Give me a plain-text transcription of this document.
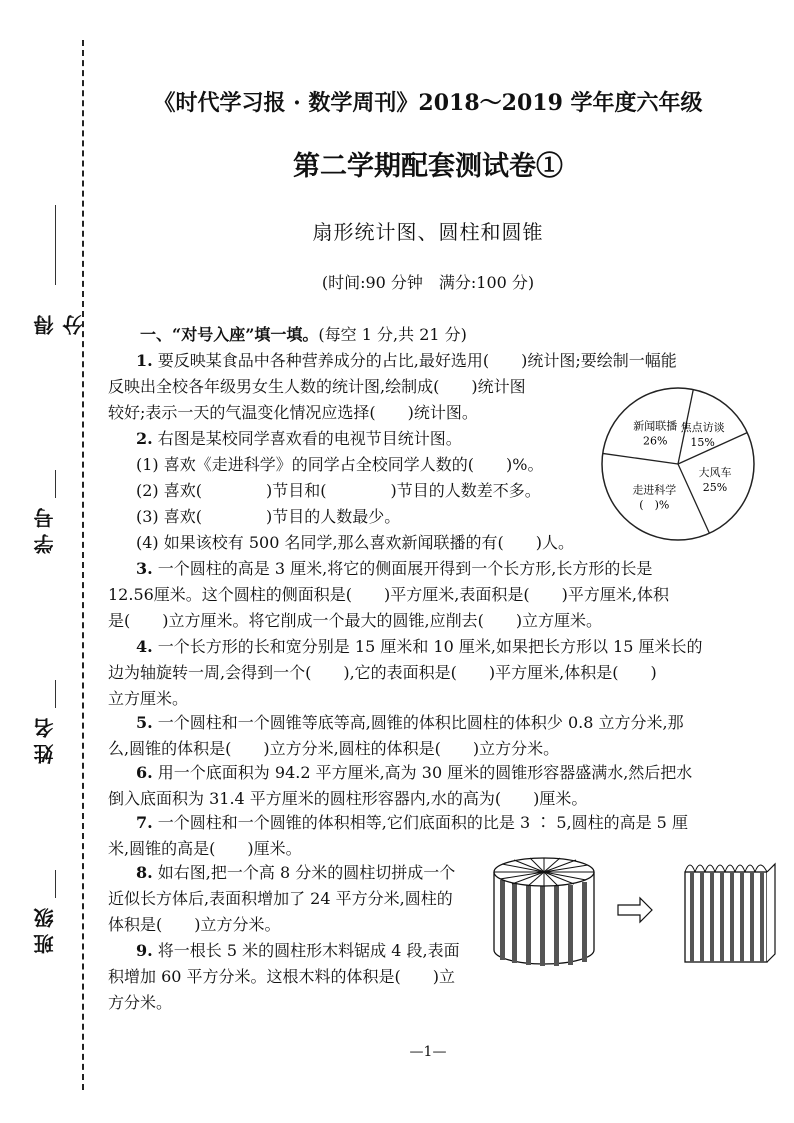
得分
学号
姓名
班级
《时代学习报 · 数学周刊》2018～2019 学年度六年级
第二学期配套测试卷①
扇形统计图、圆柱和圆锥
(时间:90 分钟　满分:100 分)
一、“对号入座”填一填。(每空 1 分,共 21 分)
1. 要反映某食品中各种营养成分的占比,最好选用(　　)统计图;要绘制一幅能
反映出全校各年级男女生人数的统计图,绘制成(　　)统计图
较好;表示一天的气温变化情况应选择(　　)统计图。
2. 右图是某校同学喜欢看的电视节目统计图。
(1) 喜欢《走进科学》的同学占全校同学人数的(　　)%。
(2) 喜欢(　　　　)节目和(　　　　)节目的人数差不多。
(3) 喜欢(　　　　)节目的人数最少。
(4) 如果该校有 500 名同学,那么喜欢新闻联播的有(　　)人。
新闻联播
26%
焦点访谈
15%
大风车
25%
走进科学
(　)%
3. 一个圆柱的高是 3 厘米,将它的侧面展开得到一个长方形,长方形的长是
12.56厘米。这个圆柱的侧面积是(　　)平方厘米,表面积是(　　)平方厘米,体积
是(　　)立方厘米。将它削成一个最大的圆锥,应削去(　　)立方厘米。
4. 一个长方形的长和宽分别是 15 厘米和 10 厘米,如果把长方形以 15 厘米长的
边为轴旋转一周,会得到一个(　　),它的表面积是(　　)平方厘米,体积是(　　)
立方厘米。
5. 一个圆柱和一个圆锥等底等高,圆锥的体积比圆柱的体积少 0.8 立方分米,那
么,圆锥的体积是(　　)立方分米,圆柱的体积是(　　)立方分米。
6. 用一个底面积为 94.2 平方厘米,高为 30 厘米的圆锥形容器盛满水,然后把水
倒入底面积为 31.4 平方厘米的圆柱形容器内,水的高为(　　)厘米。
7. 一个圆柱和一个圆锥的体积相等,它们底面积的比是 3 ∶ 5,圆柱的高是 5 厘
米,圆锥的高是(　　)厘米。
8. 如右图,把一个高 8 分米的圆柱切拼成一个
近似长方体后,表面积增加了 24 平方分米,圆柱的
体积是(　　)立方分米。
9. 将一根长 5 米的圆柱形木料锯成 4 段,表面
积增加 60 平方分米。这根木料的体积是(　　)立
方分米。
—1—
